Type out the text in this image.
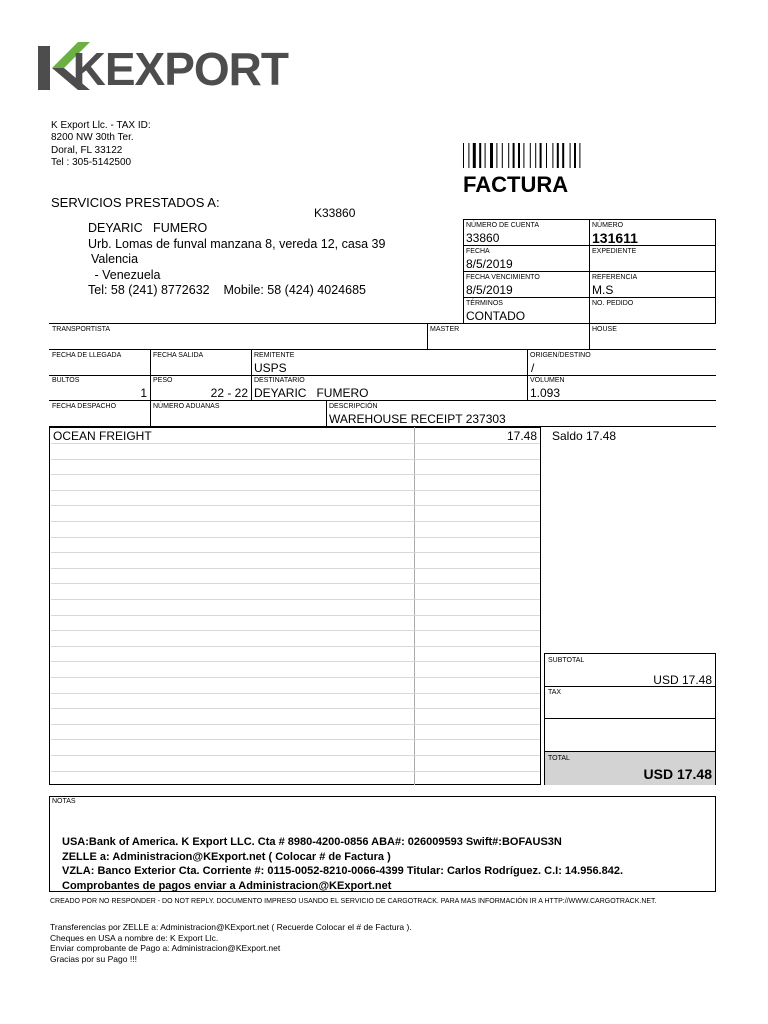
KEXPORT
K Export Llc. - TAX ID:
8200 NW 30th Ter.
Doral, FL 33122
Tel : 305-5142500
FACTURA
SERVICIOS PRESTADOS A:
K33860
DEYARIC   FUMERO
Urb. Lomas de funval manzana 8, vereda 12, casa 39
Valencia
- Venezuela
Tel: 58 (241) 8772632    Mobile: 58 (424) 4024685
NÚMERO DE CUENTA
33860
NÚMERO
131611
FECHA
8/5/2019
EXPEDIENTE
FECHA VENCIMIENTO
8/5/2019
REFERENCIA
M.S
TÉRMINOS
CONTADO
NO. PEDIDO
TRANSPORTISTA	MASTER	HOUSE
FECHA DE LLEGADA	FECHA SALIDA	REMITENTE
USPS
ORIGEN/DESTINO
/
BULTOS
1
PESO
22 - 22
DESTINATARIO
DEYARIC   FUMERO
VOLUMEN
1.093
FECHA DESPACHO	NÚMERO ADUANAS	DESCRIPCIÓN
WAREHOUSE RECEIPT 237303
OCEAN FREIGHT	17.48 Saldo 17.48
SUBTOTAL
USD 17.48
TAX
TOTAL
USD 17.48
NOTAS
USA:Bank of America. K Export LLC. Cta # 8980-4200-0856 ABA#: 026009593 Swift#:BOFAUS3N
ZELLE a: Administracion@KExport.net ( Colocar # de Factura )
VZLA: Banco Exterior Cta. Corriente #: 0115-0052-8210-0066-4399 Titular: Carlos Rodríguez. C.I: 14.956.842.
Comprobantes de pagos enviar a Administracion@KExport.net
CREADO POR NO RESPONDER - DO NOT REPLY. DOCUMENTO IMPRESO USANDO EL SERVICIO DE CARGOTRACK. PARA MAS INFORMACIÓN IR A HTTP://WWW.CARGOTRACK.NET.
Transferencias por ZELLE a: Administracion@KExport.net ( Recuerde Colocar el # de Factura ).
Cheques en USA a nombre de: K Export Llc.
Enviar comprobante de Pago a: Administracion@KExport.net
Gracias por su Pago !!!
